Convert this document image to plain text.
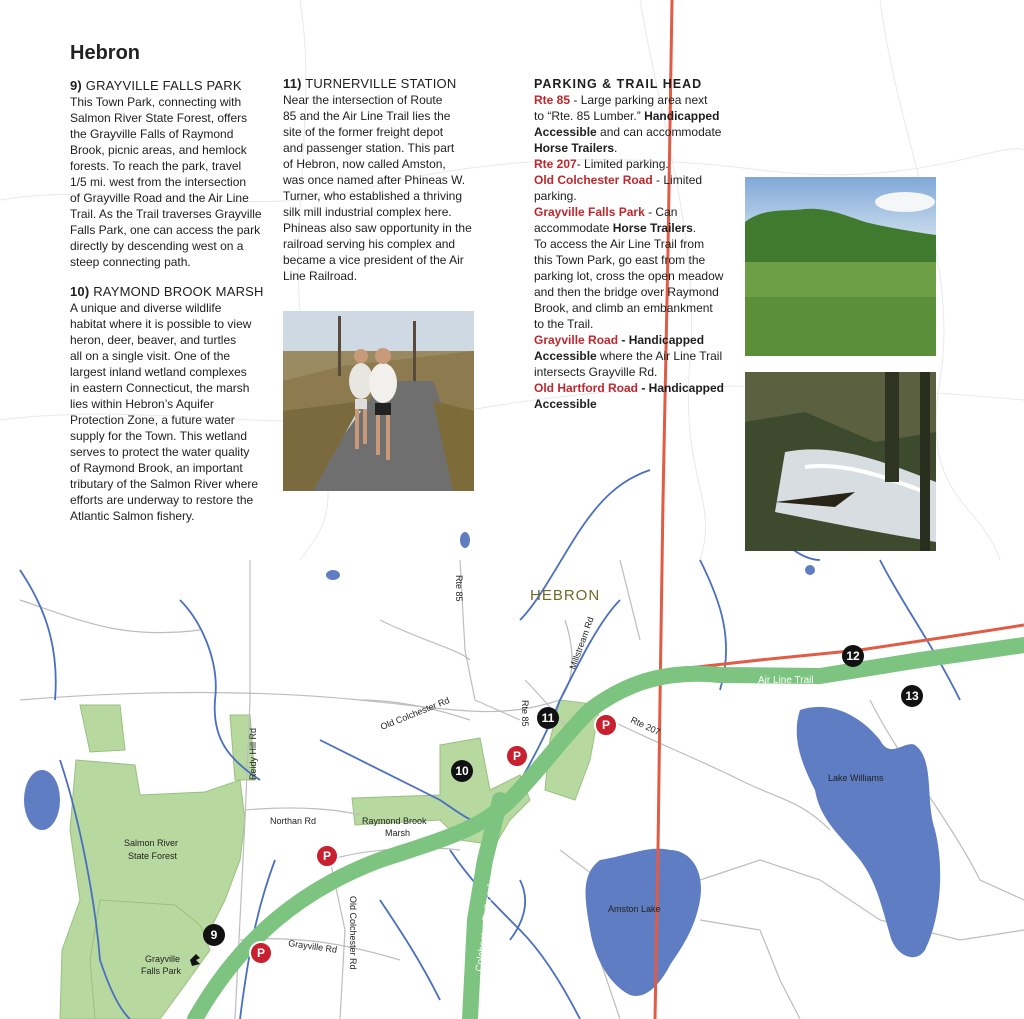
HEBRON
Rte 85
Rte 85
Millstream Rd
Old Colchester Rd
Reidy Hill Rd
Northan Rd
Old Colchester Rd
Grayville Rd
Rte 207
Colchester Railroad
Air Line Trail
Salmon River
State Forest
Raymond Brook
Marsh
Grayville
Falls Park
Lake Williams
Amston Lake
P
P
P
P
9
10
11
12
13
Hebron

9) GRAYVILLE FALLS PARK

This Town Park, connecting with

Salmon River State Forest, offers

the Grayville Falls of Raymond

Brook, picnic areas, and hemlock

forests. To reach the park, travel

1/5 mi. west from the intersection

of Grayville Road and the Air Line

Trail. As the Trail traverses Grayville

Falls Park, one can access the park

directly by descending west on a

steep connecting path.

10) RAYMOND BROOK MARSH

A unique and diverse wildlife

habitat where it is possible to view

heron, deer, beaver, and turtles

all on a single visit. One of the

largest inland wetland complexes

in eastern Connecticut, the marsh

lies within Hebron’s Aquifer

Protection Zone, a future water

supply for the Town. This wetland

serves to protect the water quality

of Raymond Brook, an important

tributary of the Salmon River where

efforts are underway to restore the

Atlantic Salmon fishery.

11) TURNERVILLE STATION

Near the intersection of Route

85 and the Air Line Trail lies the

site of the former freight depot

and passenger station. This part

of Hebron, now called Amston,

was once named after Phineas W.

Turner, who established a thriving

silk mill industrial complex here.

Phineas also saw opportunity in the

railroad serving his complex and

became a vice president of the Air

Line Railroad.

PARKING & TRAIL HEAD

Rte 85 - Large parking area next

to “Rte. 85 Lumber.” Handicapped

Accessible and can accommodate

Horse Trailers.

Rte 207- Limited parking.

Old Colchester Road - Limited

parking.

Grayville Falls Park - Can

accommodate Horse Trailers.

To access the Air Line Trail from

this Town Park, go east from the

parking lot, cross the open meadow

and then the bridge over Raymond

Brook, and climb an embankment

to the Trail.

Grayville Road - Handicapped

Accessible where the Air Line Trail

intersects Grayville Rd.

Old Hartford Road - Handicapped

Accessible
